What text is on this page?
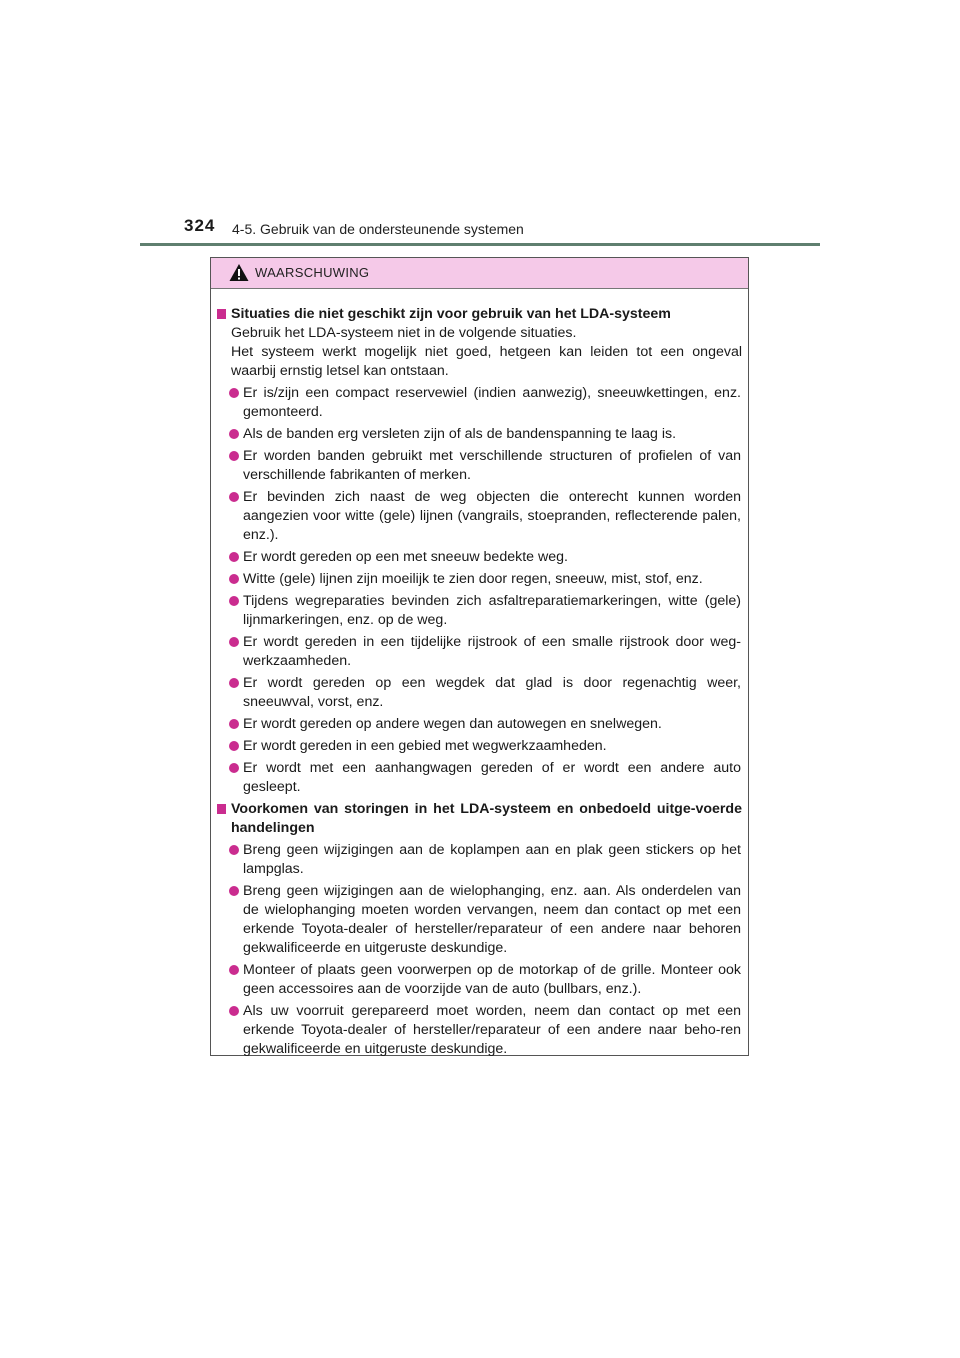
324 4-5. Gebruik van de ondersteunende systemen
WAARSCHUWING
Situaties die niet geschikt zijn voor gebruik van het LDA-systeem
Gebruik het LDA-systeem niet in de volgende situaties.
Het systeem werkt mogelijk niet goed, hetgeen kan leiden tot een ongeval waarbij ernstig letsel kan ontstaan.
Er is/zijn een compact reservewiel (indien aanwezig), sneeuwkettingen, enz. gemonteerd.
Als de banden erg versleten zijn of als de bandenspanning te laag is.
Er worden banden gebruikt met verschillende structuren of profielen of van verschillende fabrikanten of merken.
Er bevinden zich naast de weg objecten die onterecht kunnen worden aangezien voor witte (gele) lijnen (vangrails, stoepranden, reflecterende palen, enz.).
Er wordt gereden op een met sneeuw bedekte weg.
Witte (gele) lijnen zijn moeilijk te zien door regen, sneeuw, mist, stof, enz.
Tijdens wegreparaties bevinden zich asfaltreparatiemarkeringen, witte (gele) lijnmarkeringen, enz. op de weg.
Er wordt gereden in een tijdelijke rijstrook of een smalle rijstrook door weg-werkzaamheden.
Er wordt gereden op een wegdek dat glad is door regenachtig weer, sneeuwval, vorst, enz.
Er wordt gereden op andere wegen dan autowegen en snelwegen.
Er wordt gereden in een gebied met wegwerkzaamheden.
Er wordt met een aanhangwagen gereden of er wordt een andere auto gesleept.
Voorkomen van storingen in het LDA-systeem en onbedoeld uitge-voerde handelingen
Breng geen wijzigingen aan de koplampen aan en plak geen stickers op het lampglas.
Breng geen wijzigingen aan de wielophanging, enz. aan. Als onderdelen van de wielophanging moeten worden vervangen, neem dan contact op met een erkende Toyota-dealer of hersteller/reparateur of een andere naar behoren gekwalificeerde en uitgeruste deskundige.
Monteer of plaats geen voorwerpen op de motorkap of de grille. Monteer ook geen accessoires aan de voorzijde van de auto (bullbars, enz.).
Als uw voorruit gerepareerd moet worden, neem dan contact op met een erkende Toyota-dealer of hersteller/reparateur of een andere naar beho-ren gekwalificeerde en uitgeruste deskundige.
